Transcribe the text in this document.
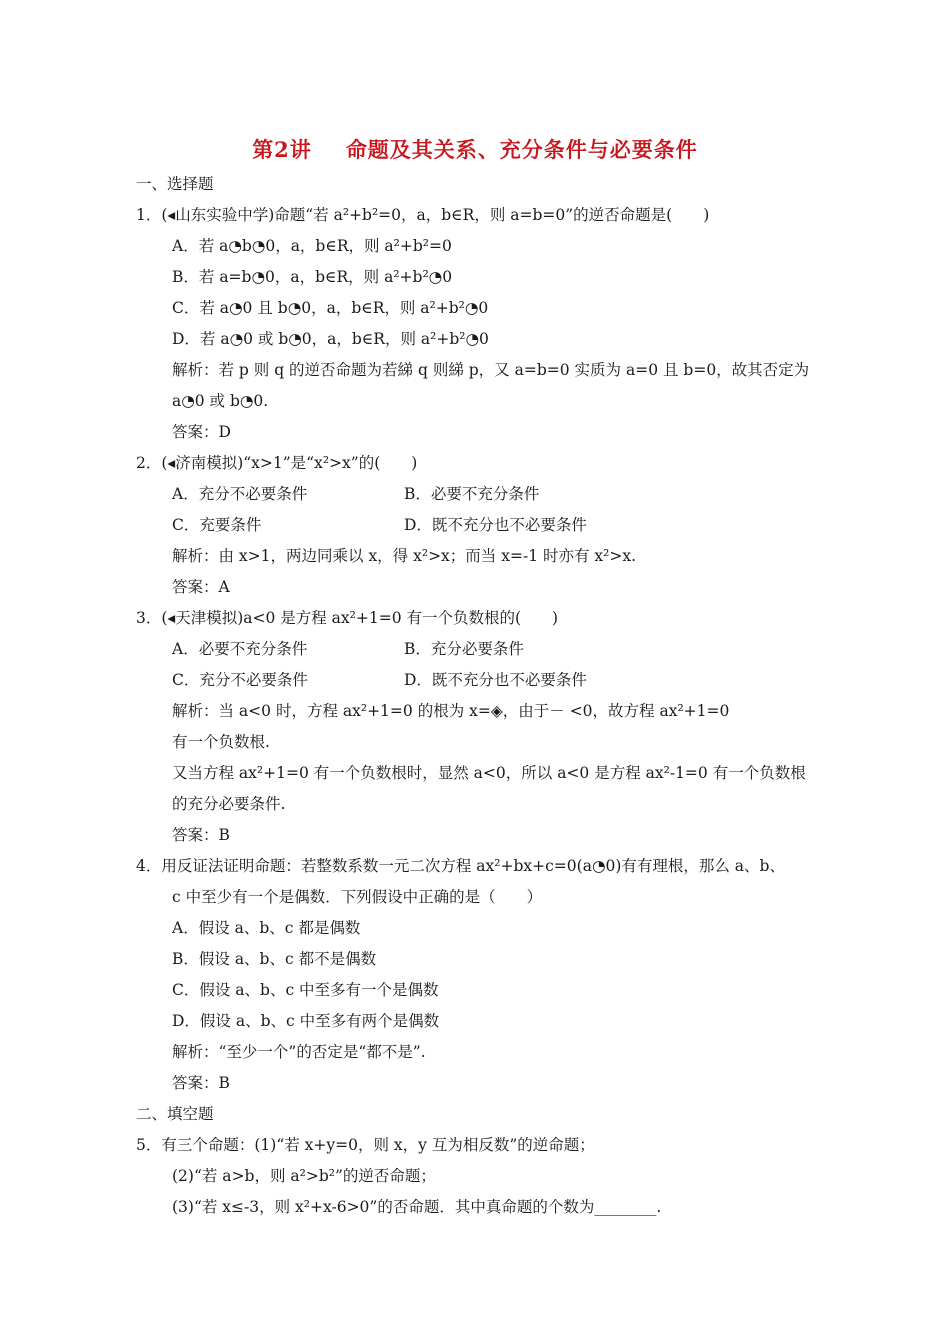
第2讲 命题及其关系、充分条件与必要条件
一、选择题
1．(◂山东实验中学)命题“若 a²+b²=0，a，b∈R，则 a=b=0”的逆否命题是(　　)
A．若 a◔b◔0，a，b∈R，则 a²+b²=0
B．若 a=b◔0，a，b∈R，则 a²+b²◔0
C．若 a◔0 且 b◔0，a，b∈R，则 a²+b²◔0
D．若 a◔0 或 b◔0，a，b∈R，则 a²+b²◔0
解析：若 p 则 q 的逆否命题为若綈 q 则綈 p，又 a=b=0 实质为 a=0 且 b=0，故其否定为
a◔0 或 b◔0.
答案：D
2．(◂济南模拟)“x>1”是“x²>x”的(　　)
A．充分不必要条件	B．必要不充分条件
C．充要条件	D．既不充分也不必要条件
解析：由 x>1，两边同乘以 x，得 x²>x；而当 x=-1 时亦有 x²>x.
答案：A
3．(◂天津模拟)a<0 是方程 ax²+1=0 有一个负数根的(　　)
A．必要不充分条件	B．充分必要条件
C．充分不必要条件	D．既不充分也不必要条件
解析：当 a<0 时，方程 ax²+1=0 的根为 x=◈，由于－ <0，故方程 ax²+1=0
有一个负数根.
又当方程 ax²+1=0 有一个负数根时，显然 a<0，所以 a<0 是方程 ax²-1=0 有一个负数根
的充分必要条件.
答案：B
4．用反证法证明命题：若整数系数一元二次方程 ax²+bx+c=0(a◔0)有有理根，那么 a、b、
c 中至少有一个是偶数．下列假设中正确的是（　　）
A．假设 a、b、c 都是偶数
B．假设 a、b、c 都不是偶数
C．假设 a、b、c 中至多有一个是偶数
D．假设 a、b、c 中至多有两个是偶数
解析：“至少一个”的否定是“都不是”.
答案：B
二、填空题
5．有三个命题：(1)“若 x+y=0，则 x，y 互为相反数”的逆命题；
(2)“若 a>b，则 a²>b²”的逆否命题；
(3)“若 x≤-3，则 x²+x-6>0”的否命题．其中真命题的个数为________.
